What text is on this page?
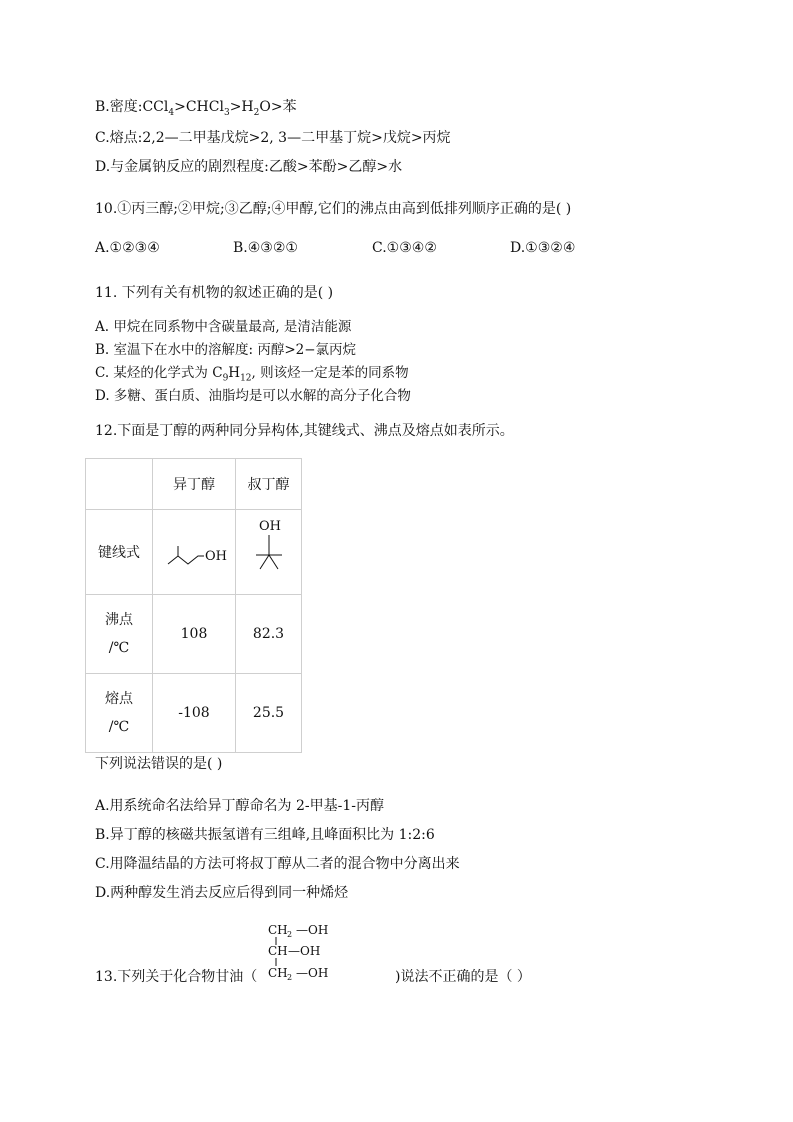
B.密度$:CCl_4>CHCl_3>H_2O>$苯
C.熔点:2,2—二甲基戊烷>2, 3—二甲基丁烷>戊烷>丙烷
D.与金属钠反应的剧烈程度:乙酸>苯酚>乙醇>水
10.①丙三醇;②甲烷;③乙醇;④甲醇,它们的沸点由高到低排列顺序正确的是( )
A.①②③④	B.④③②①	C.①③④②	D.①③②④
11. 下列有关有机物的叙述正确的是( )
A. 甲烷在同系物中含碳量最高, 是清洁能源
B. 室温下在水中的溶解度: 丙醇>2−氯丙烷
C. 某烃的化学式为 $C_9H_{12}$, 则该烃一定是苯的同系物
D. 多糖、蛋白质、油脂均是可以水解的高分子化合物
12.下面是丁醇的两种同分异构体,其键线式、沸点及熔点如表所示。
	异丁醇	叔丁醇
键线式	OH	OH

沸点
/℃	108	82.3

熔点
/℃	-108	25.5
下列说法错误的是( )
A.用系统命名法给异丁醇命名为 2-甲基-1-丙醇
B.异丁醇的核磁共振氢谱有三组峰,且峰面积比为 1:2:6
C.用降温结晶的方法可将叔丁醇从二者的混合物中分离出来
D.两种醇发生消去反应后得到同一种烯烃
CH 2 —OH
CH —OH
CH 2 —OH
13.下列关于化合物甘油（	)说法不正确的是（ ）
